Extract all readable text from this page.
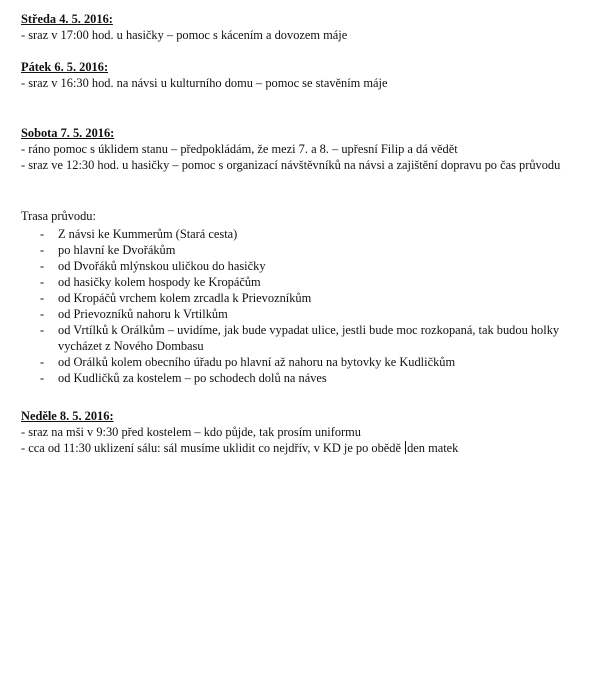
Středa 4. 5. 2016:
- sraz v 17:00 hod. u hasičky – pomoc s kácením a dovozem máje
Pátek 6. 5. 2016:
- sraz v 16:30 hod. na návsi u kulturního domu – pomoc se stavěním máje
Sobota 7. 5. 2016:
- ráno pomoc s úklidem stanu – předpokládám, že mezi 7. a 8. – upřesní Filip a dá vědět
- sraz ve 12:30 hod. u hasičky – pomoc s organizací návštěvníků na návsi a zajištění dopravu po čas průvodu
Trasa průvodu:
- Z návsi ke Kummerům (Stará cesta)
- po hlavní ke Dvořákům
- od Dvořáků mlýnskou uličkou do hasičky
- od hasičky kolem hospody ke Kropáčům
- od Kropáčů vrchem kolem zrcadla k Prievozníkům
- od Prievozníků nahoru k Vrtilkům
- od Vrtílků k Orálkům – uvidíme, jak bude vypadat ulice, jestli bude moc rozkopaná, tak budou holky
vycházet z Nového Dombasu
- od Orálků kolem obecního úřadu po hlavní až nahoru na bytovky ke Kudličkům
- od Kudličků za kostelem – po schodech dolů na náves
Neděle 8. 5. 2016:
- sraz na mši v 9:30 před kostelem – kdo půjde, tak prosím uniformu
- cca od 11:30 uklizení sálu: sál musíme uklidit co nejdřív, v KD je po obědě den matek
